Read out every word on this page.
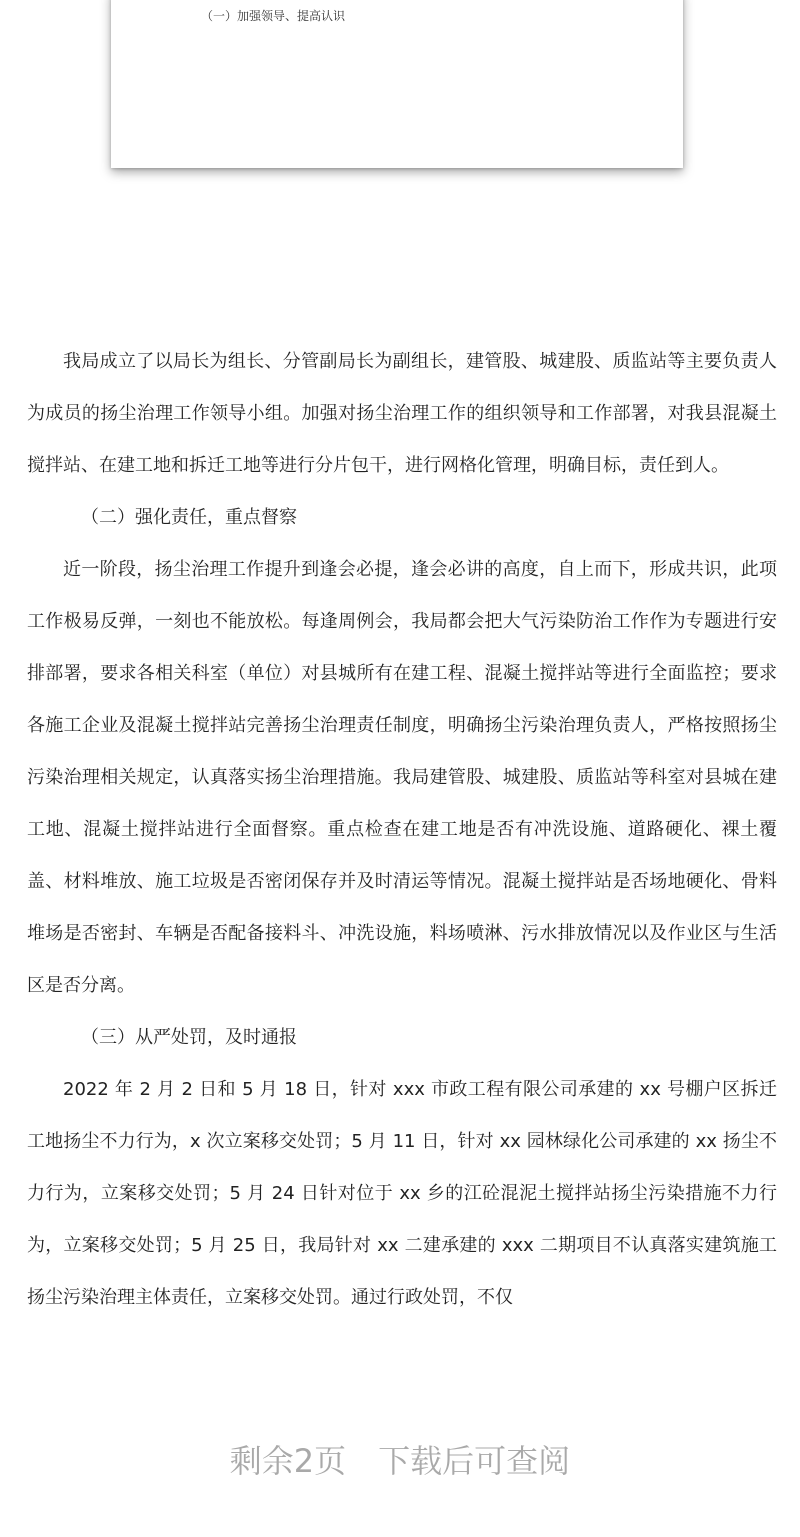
（一）加强领导、提高认识

我局成立了以局长为组长、分管副局长为副组长，建管股、城建股、质监站等主要负责人为成员的扬尘治理工作领导小组。加强对扬尘治理工作的组织领导和工作部署，对我县混凝土搅拌站、在建工地和拆迁工地等进行分片包干，进行网格化管理，明确目标，责任到人。

（二）强化责任，重点督察

近一阶段，扬尘治理工作提升到逢会必提，逢会必讲的高度，自上而下，形成共识，此项工作极易反弹，一刻也不能放松。每逢周例会，我局都会把大气污染防治工作作为专题进行安排部署，要求各相关科室（单位）对县城所有在建工程、混凝土搅拌站等进行全面监控；要求各施工企业及混凝土搅拌站完善扬尘治理责任制度，明确扬尘污染治理负责人，严格按照扬尘污染治理相关规定，认真落实扬尘治理措施。我局建管股、城建股、质监站等科室对县城在建工地、混凝土搅拌站进行全面督察。重点检查在建工地是否有冲洗设施、道路硬化、裸土覆盖、材料堆放、施工垃圾是否密闭保存并及时清运等情况。混凝土搅拌站是否场地硬化、骨料堆场是否密封、车辆是否配备接料斗、冲洗设施，料场喷淋、污水排放情况以及作业区与生活区是否分离。

（三）从严处罚，及时通报

2022 年 2 月 2 日和 5 月 18 日，针对 xxx 市政工程有限公司承建的 xx 号棚户区拆迁工地扬尘不力行为，x 次立案移交处罚；5 月 11 日，针对 xx 园林绿化公司承建的 xx 扬尘不力行为，立案移交处罚；5 月 24 日针对位于 xx 乡的江砼混泥土搅拌站扬尘污染措施不力行为，立案移交处罚；5 月 25 日，我局针对 xx 二建承建的 xxx 二期项目不认真落实建筑施工扬尘污染治理主体责任，立案移交处罚。通过行政处罚，不仅

剩余2页 下载后可查阅
